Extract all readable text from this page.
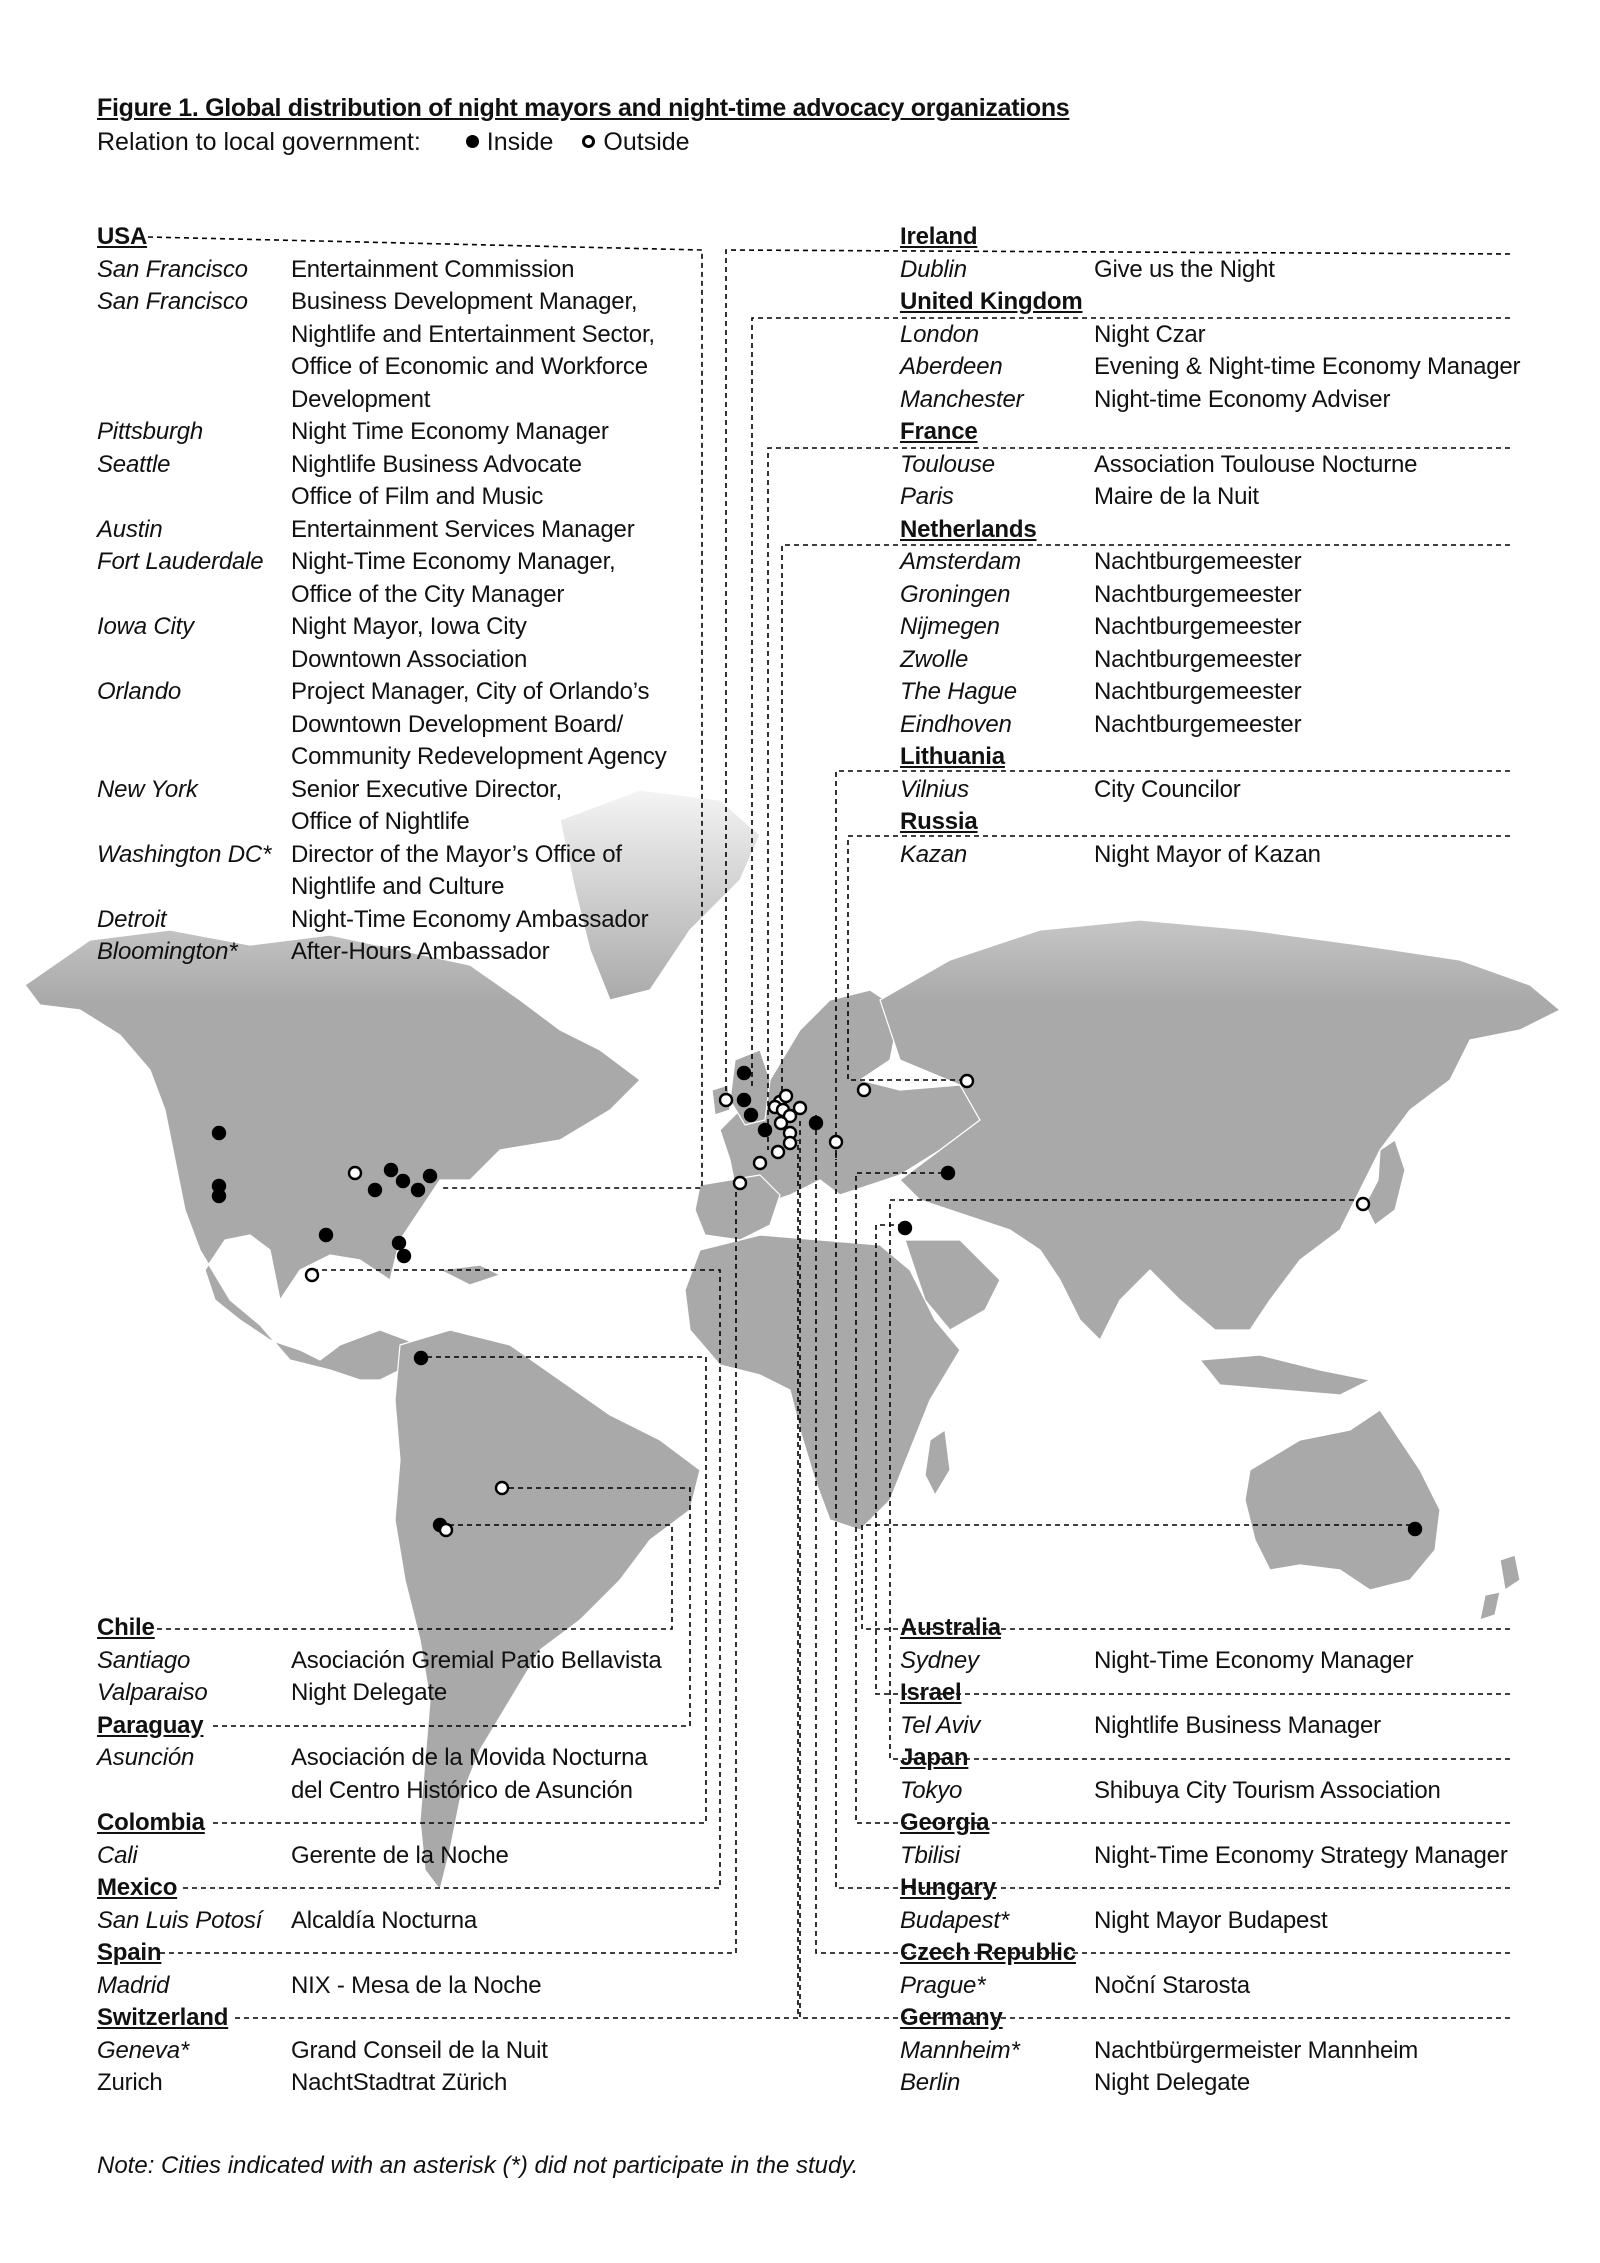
Figure 1. Global distribution of night mayors and night-time advocacy organizations
Relation to local government:	Inside Outside
USA
San Francisco	Entertainment Commission
San Francisco	Business Development Manager,
Nightlife and Entertainment Sector,
Office of Economic and Workforce
Development
Pittsburgh	Night Time Economy Manager
Seattle	Nightlife Business Advocate
Office of Film and Music
Austin	Entertainment Services Manager
Fort Lauderdale	Night-Time Economy Manager,
Office of the City Manager
Iowa City	Night Mayor, Iowa City
Downtown Association
Orlando	Project Manager, City of Orlando’s
Downtown Development Board/
Community Redevelopment Agency
New York	Senior Executive Director,
Office of Nightlife
Washington DC* Director of the Mayor’s Office of
Nightlife and Culture
Detroit	Night-Time Economy Ambassador
Bloomington*	After-Hours Ambassador
Chile
Santiago	Asociación Gremial Patio Bellavista
Valparaiso	Night Delegate
Paraguay
Asunción	Asociación de la Movida Nocturna
del Centro Histórico de Asunción
Colombia
Cali	Gerente de la Noche
Mexico
San Luis Potosí	Alcaldía Nocturna
Spain
Madrid	NIX - Mesa de la Noche
Switzerland
Geneva*	Grand Conseil de la Nuit
Zurich	NachtStadtrat Zürich
Ireland
Dublin	Give us the Night
United Kingdom
London	Night Czar
Aberdeen	Evening & Night-time Economy Manager
Manchester	Night-time Economy Adviser
France
Toulouse	Association Toulouse Nocturne
Paris	Maire de la Nuit
Netherlands
Amsterdam	Nachtburgemeester
Groningen	Nachtburgemeester
Nijmegen	Nachtburgemeester
Zwolle	Nachtburgemeester
The Hague	Nachtburgemeester
Eindhoven	Nachtburgemeester
Lithuania
Vilnius	City Councilor
Russia
Kazan	Night Mayor of Kazan
Australia
Sydney	Night-Time Economy Manager
Israel
Tel Aviv	Nightlife Business Manager
Japan
Tokyo	Shibuya City Tourism Association
Georgia
Tbilisi	Night-Time Economy Strategy Manager
Hungary
Budapest*	Night Mayor Budapest
Czech Republic
Prague*	Noční Starosta
Germany
Mannheim*	Nachtbürgermeister Mannheim
Berlin	Night Delegate
Note: Cities indicated with an asterisk (*) did not participate in the study.
